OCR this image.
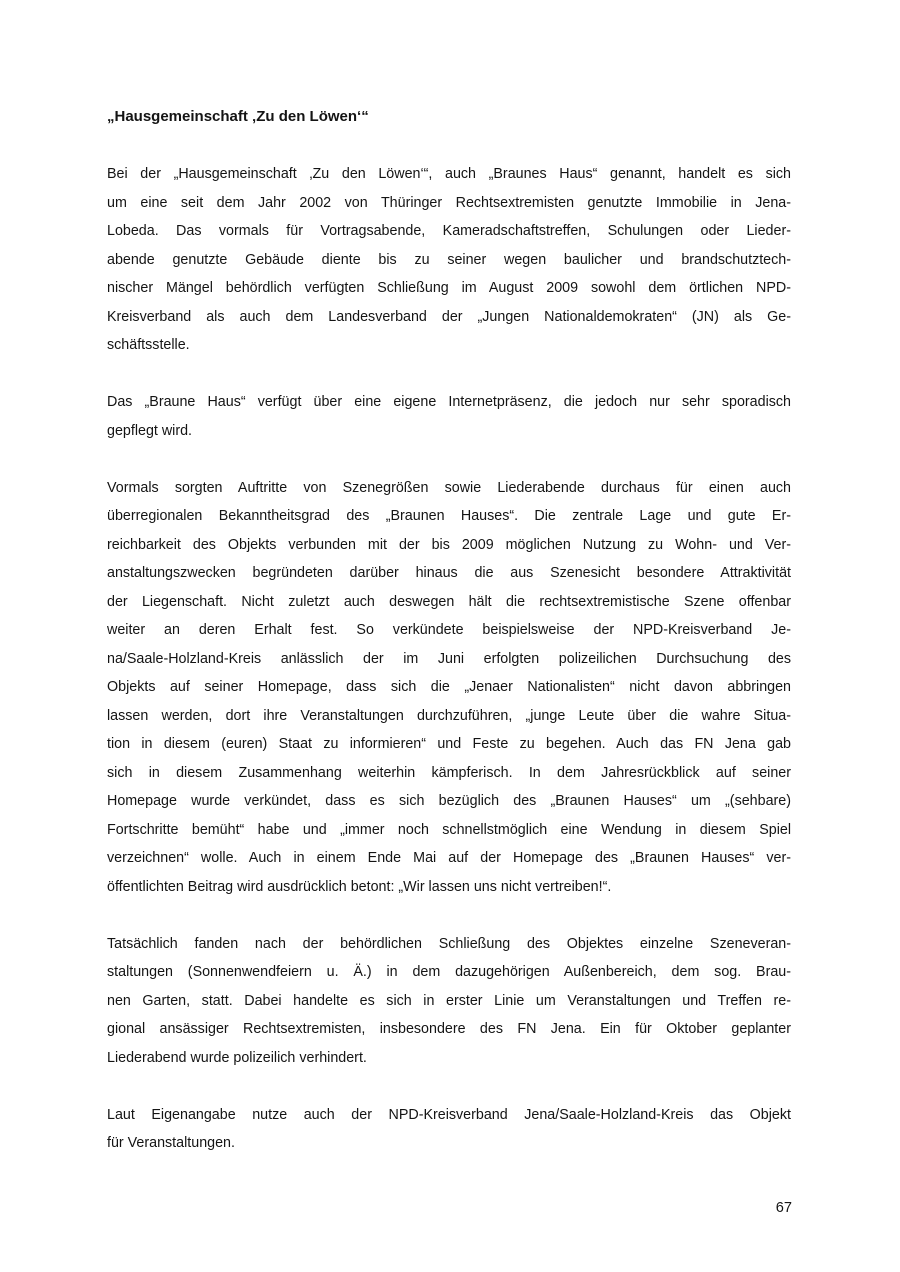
„Hausgemeinschaft ‚Zu den Löwen‘“
Bei der „Hausgemeinschaft ‚Zu den Löwen‘“, auch „Braunes Haus“ genannt, handelt es sich
um eine seit dem Jahr 2002 von Thüringer Rechtsextremisten genutzte Immobilie in Jena-
Lobeda. Das vormals für Vortragsabende, Kameradschaftstreffen, Schulungen oder Lieder-
abende genutzte Gebäude diente bis zu seiner wegen baulicher und brandschutztech-
nischer Mängel behördlich verfügten Schließung im August 2009 sowohl dem örtlichen NPD-
Kreisverband als auch dem Landesverband der „Jungen Nationaldemokraten“ (JN) als Ge-
schäftsstelle.
Das „Braune Haus“ verfügt über eine eigene Internetpräsenz, die jedoch nur sehr sporadisch
gepflegt wird.
Vormals sorgten Auftritte von Szenegrößen sowie Liederabende durchaus für einen auch
überregionalen Bekanntheitsgrad des „Braunen Hauses“. Die zentrale Lage und gute Er-
reichbarkeit des Objekts verbunden mit der bis 2009 möglichen Nutzung zu Wohn- und Ver-
anstaltungszwecken begründeten darüber hinaus die aus Szenesicht besondere Attraktivität
der Liegenschaft. Nicht zuletzt auch deswegen hält die rechtsextremistische Szene offenbar
weiter an deren Erhalt fest. So verkündete beispielsweise der NPD-Kreisverband Je-
na/Saale-Holzland-Kreis anlässlich der im Juni erfolgten polizeilichen Durchsuchung des
Objekts auf seiner Homepage, dass sich die „Jenaer Nationalisten“ nicht davon abbringen
lassen werden, dort ihre Veranstaltungen durchzuführen, „junge Leute über die wahre Situa-
tion in diesem (euren) Staat zu informieren“ und Feste zu begehen. Auch das FN Jena gab
sich in diesem Zusammenhang weiterhin kämpferisch. In dem Jahresrückblick auf seiner
Homepage wurde verkündet, dass es sich bezüglich des „Braunen Hauses“ um „(sehbare)
Fortschritte bemüht“ habe und „immer noch schnellstmöglich eine Wendung in diesem Spiel
verzeichnen“ wolle. Auch in einem Ende Mai auf der Homepage des „Braunen Hauses“ ver-
öffentlichten Beitrag wird ausdrücklich betont: „Wir lassen uns nicht vertreiben!“.
Tatsächlich fanden nach der behördlichen Schließung des Objektes einzelne Szeneveran-
staltungen (Sonnenwendfeiern u. Ä.) in dem dazugehörigen Außenbereich, dem sog. Brau-
nen Garten, statt. Dabei handelte es sich in erster Linie um Veranstaltungen und Treffen re-
gional ansässiger Rechtsextremisten, insbesondere des FN Jena. Ein für Oktober geplanter
Liederabend wurde polizeilich verhindert.
Laut Eigenangabe nutze auch der NPD-Kreisverband Jena/Saale-Holzland-Kreis das Objekt
für Veranstaltungen.
67
